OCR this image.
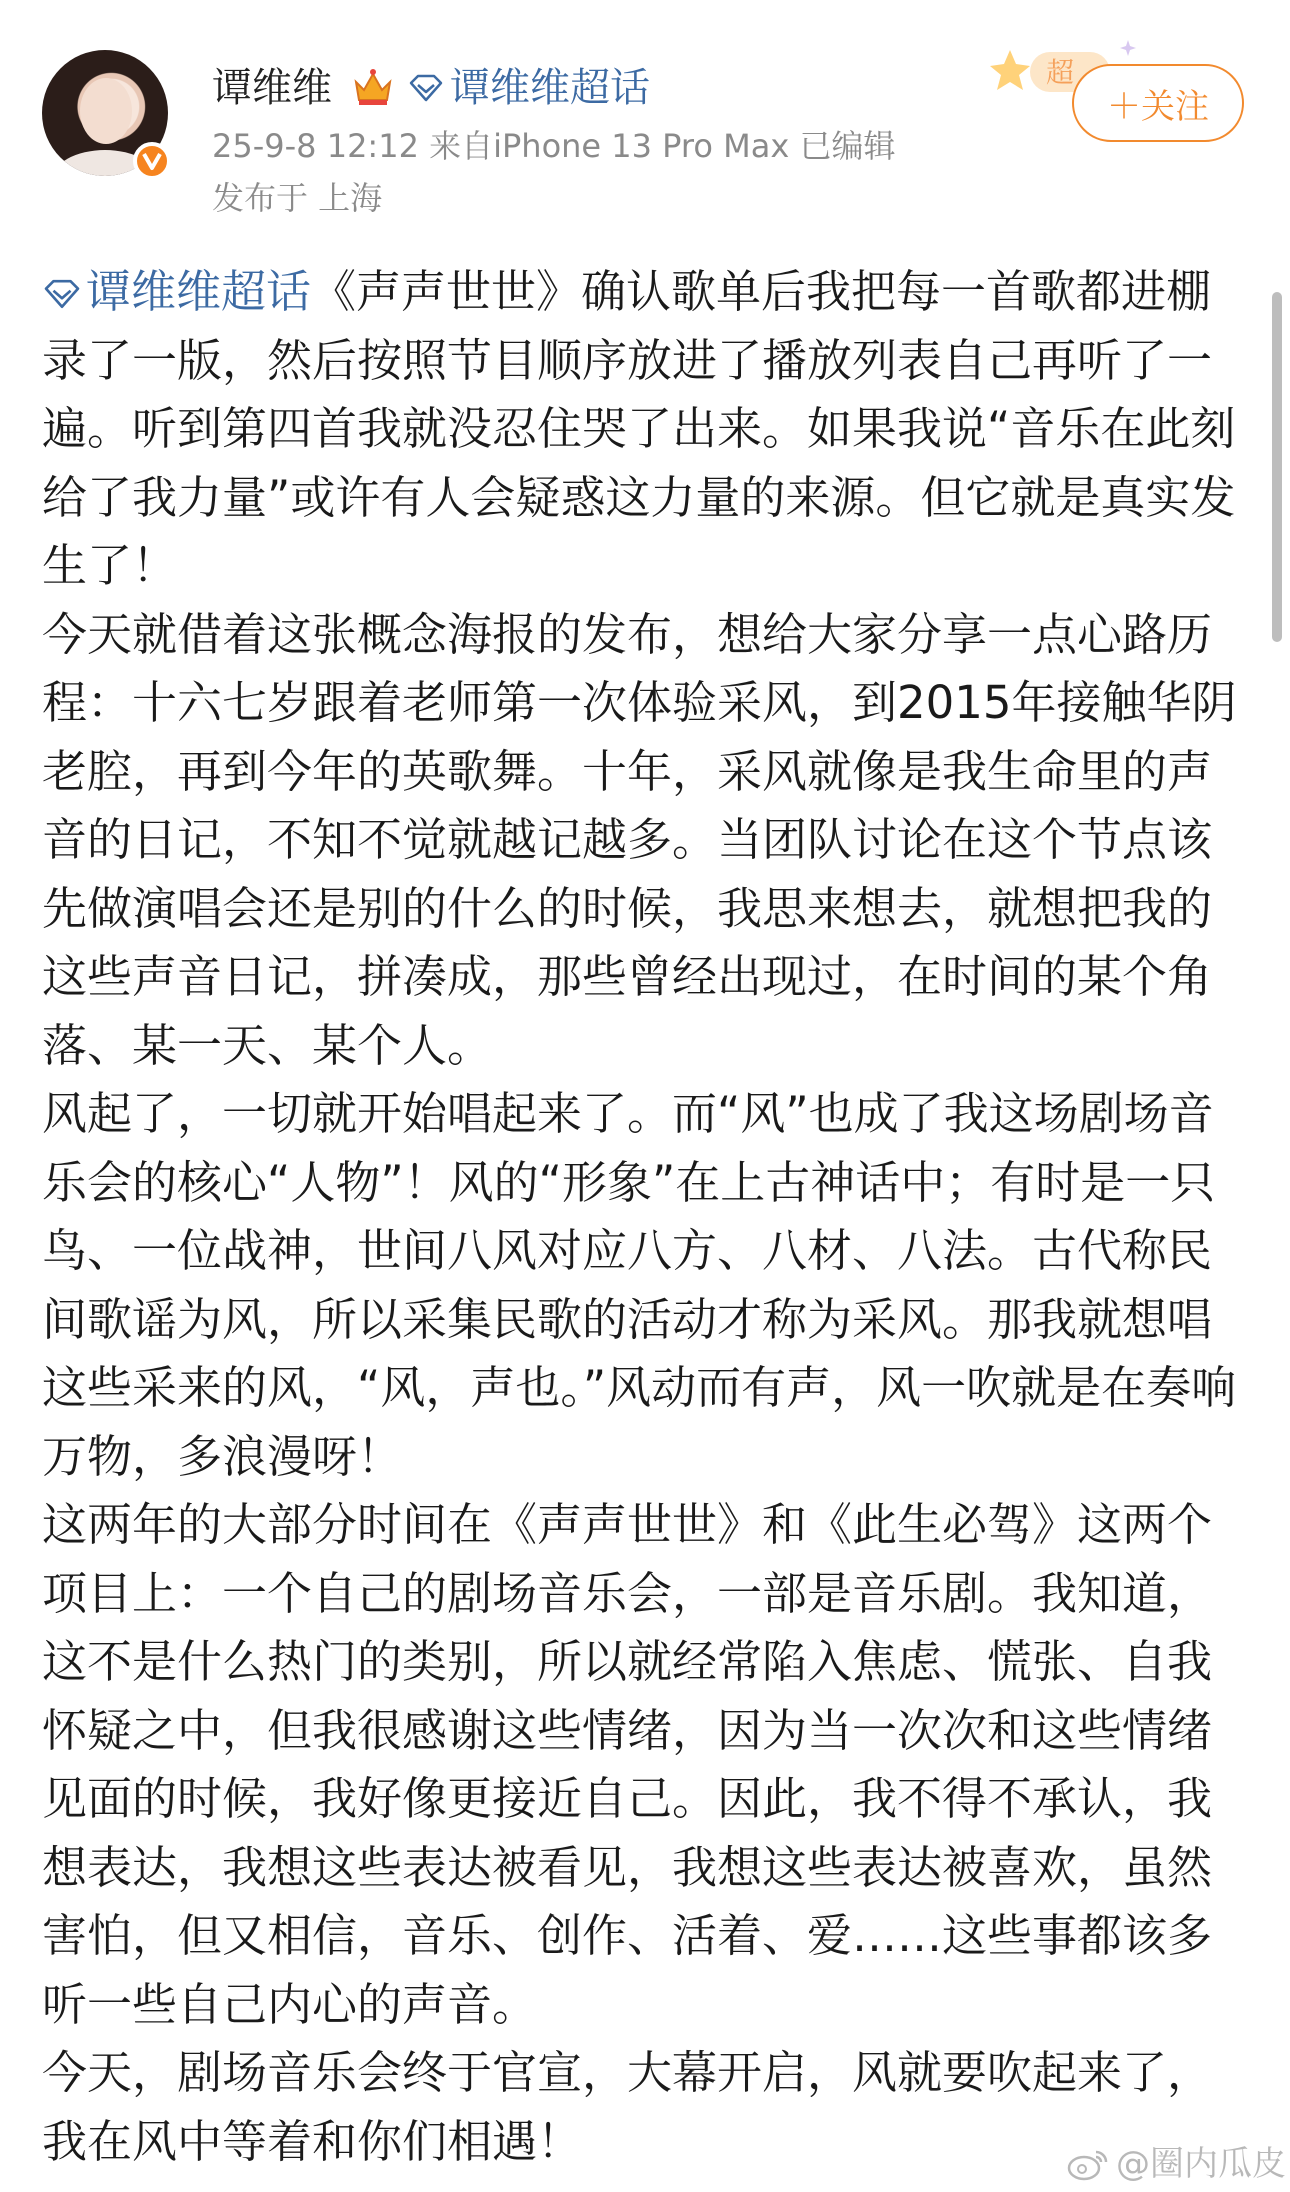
谭维维	谭维维超话
25-9-8 12:12 来自iPhone 13 Pro Max 已编辑
发布于 上海
超
＋关注

谭维维超话《声声世世》确认歌单后我把每一首歌都进棚录了一版，然后按照节目顺序放进了播放列表自己再听了一遍。听到第四首我就没忍住哭了出来。如果我说“音乐在此刻给了我力量”或许有人会疑惑这力量的来源。但它就是真实发生了！

今天就借着这张概念海报的发布，想给大家分享一点心路历程：十六七岁跟着老师第一次体验采风，到2015年接触华阴老腔，再到今年的英歌舞。十年，采风就像是我生命里的声音的日记，不知不觉就越记越多。当团队讨论在这个节点该先做演唱会还是别的什么的时候，我思来想去，就想把我的这些声音日记，拼凑成，那些曾经出现过，在时间的某个角落、某一天、某个人。

风起了，一切就开始唱起来了。而“风”也成了我这场剧场音乐会的核心“人物”！风的“形象”在上古神话中；有时是一只鸟、一位战神，世间八风对应八方、八材、八法。古代称民间歌谣为风，所以采集民歌的活动才称为采风。那我就想唱这些采来的风，“风，声也。”风动而有声，风一吹就是在奏响万物，多浪漫呀！

这两年的大部分时间在《声声世世》和《此生必驾》这两个项目上：一个自己的剧场音乐会，一部是音乐剧。我知道，这不是什么热门的类别，所以就经常陷入焦虑、慌张、自我怀疑之中，但我很感谢这些情绪，因为当一次次和这些情绪见面的时候，我好像更接近自己。因此，我不得不承认，我想表达，我想这些表达被看见，我想这些表达被喜欢，虽然害怕，但又相信，音乐、创作、活着、爱……这些事都该多听一些自己内心的声音。

今天，剧场音乐会终于官宣，大幕开启，风就要吹起来了，我在风中等着和你们相遇！	@圈内瓜皮
